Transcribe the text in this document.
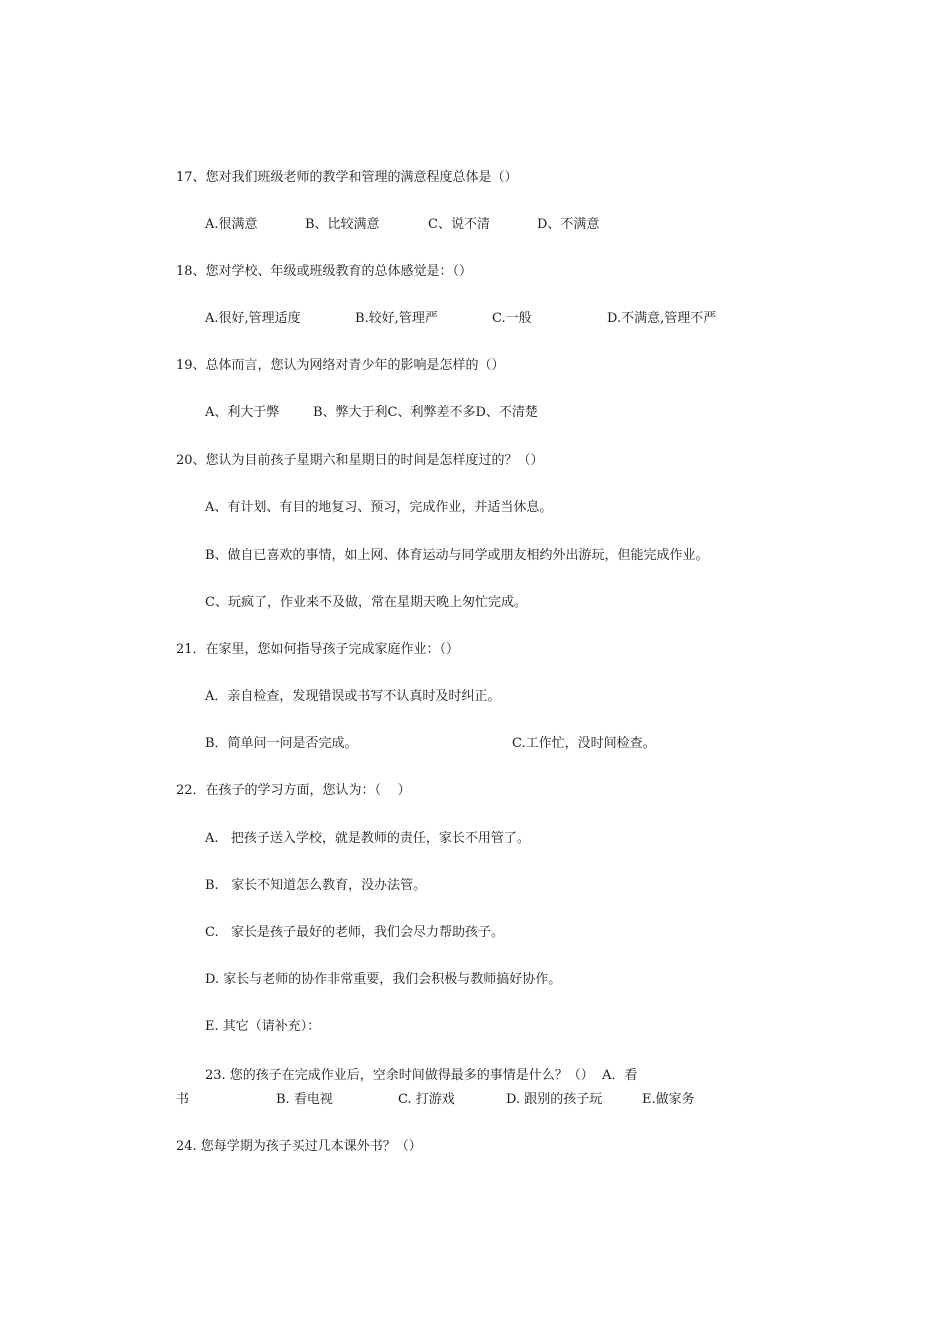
17、您对我们班级老师的教学和管理的满意程度总体是（）

A.很满意

	B、比较满意

	C、说不清

	D、不满意

18、您对学校、年级或班级教育的总体感觉是：（）

A.很好,管理适度

	B.较好,管理严

	C.一般

	D.不满意,管理不严

19、总体而言，您认为网络对青少年的影响是怎样的（）

A、利大于弊

	B、弊大于利C、利弊差不多D、不清楚

20、您认为目前孩子星期六和星期日的时间是怎样度过的？（）
A、有计划、有目的地复习、预习，完成作业，并适当休息。
B、做自已喜欢的事情，如上网、体育运动与同学或朋友相约外出游玩，但能完成作业。
C、玩疯了，作业来不及做，常在星期天晚上匆忙完成。
21．在家里，您如何指导孩子完成家庭作业：（）
A．亲自检查，发现错误或书写不认真时及时纠正。

B．简单问一问是否完成。

	C.工作忙，没时间检查。

22．在孩子的学习方面，您认为：（    ）
A.   把孩子送入学校，就是教师的责任，家长不用管了。
B.   家长不知道怎么教育，没办法管。
C.   家长是孩子最好的老师，我们会尽力帮助孩子。
D. 家长与老师的协作非常重要，我们会积极与教师搞好协作。
E. 其它（请补充）：
23. 您的孩子在完成作业后，空余时间做得最多的事情是什么？（）  A．看

书

	B. 看电视

	C. 打游戏

	D. 跟别的孩子玩

	E.做家务

24. 您每学期为孩子买过几本课外书？（）
